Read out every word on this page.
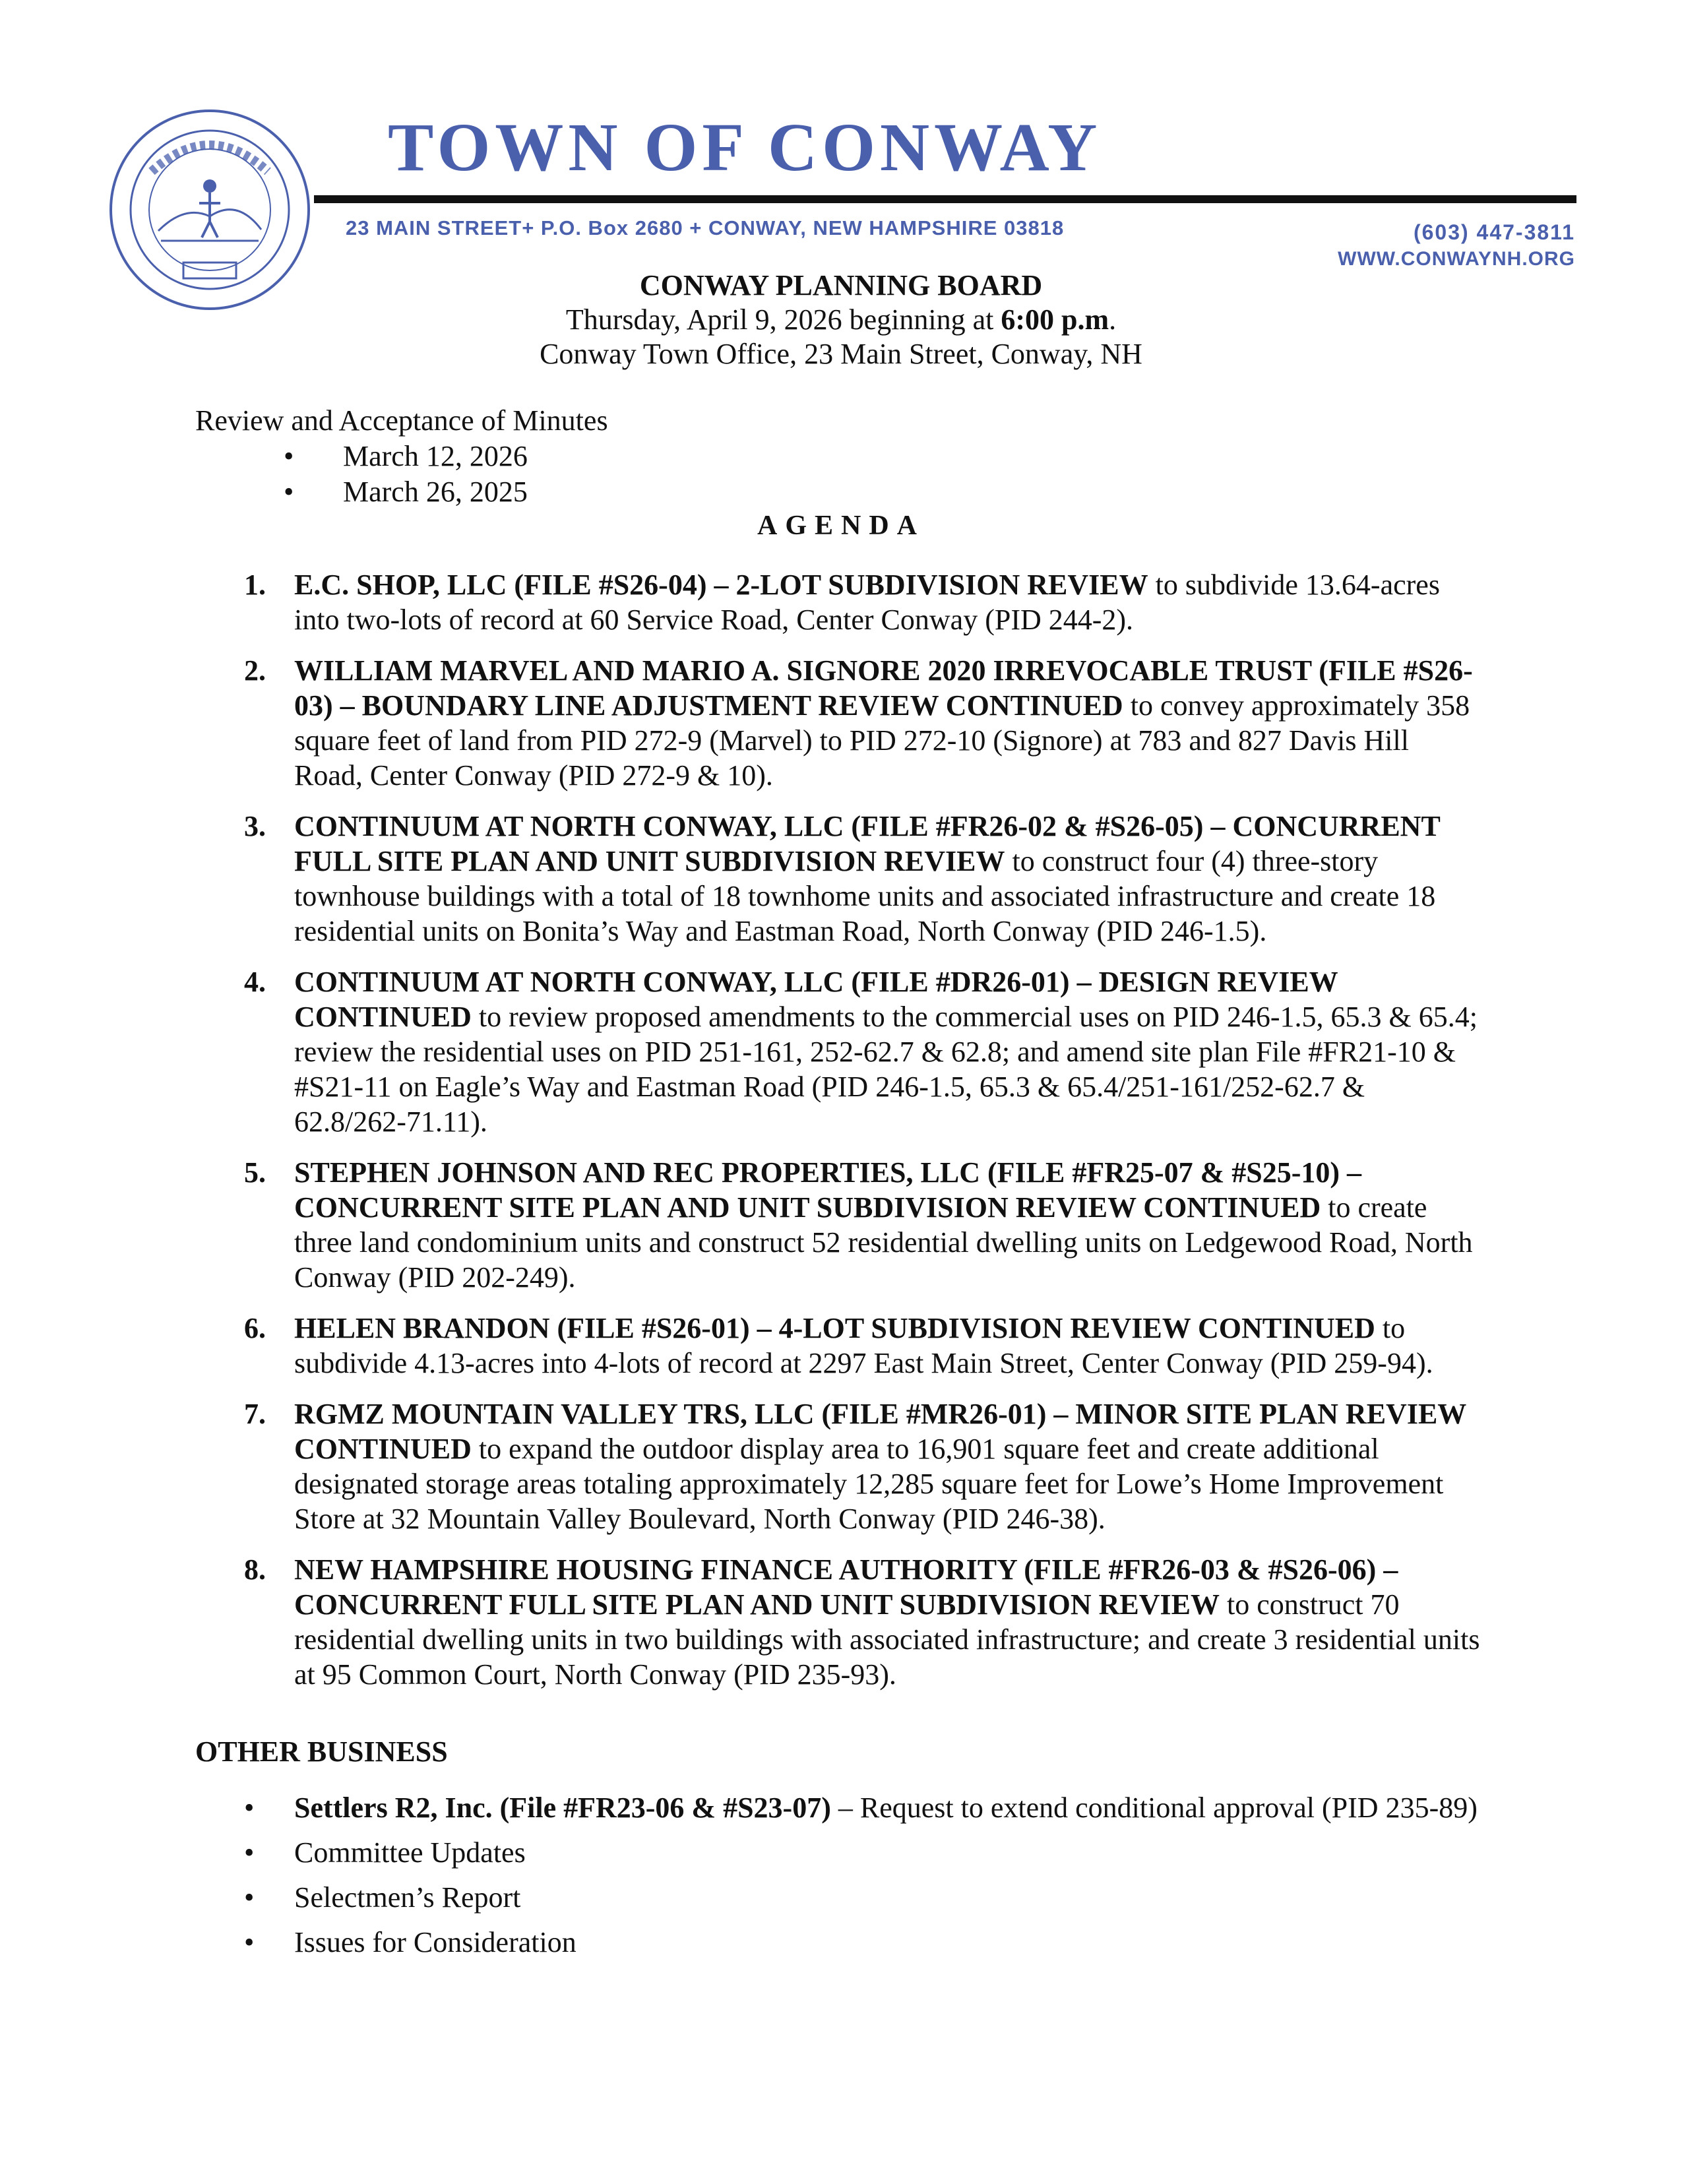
TOWN OF CONWAY
23 MAIN STREET+ P.O. Box 2680 + CONWAY, NEW HAMPSHIRE 03818	(603) 447-3811
WWW.CONWAYNH.ORG
CONWAY PLANNING BOARD
Thursday, April 9, 2026 beginning at 6:00 p.m.
Conway Town Office, 23 Main Street, Conway, NH
Review and Acceptance of Minutes
• March 12, 2026
• March 26, 2025
AGENDA
1. E.C. SHOP, LLC (FILE #S26-04) – 2-LOT SUBDIVISION REVIEW to subdivide 13.64-acres into two-lots of record at 60 Service Road, Center Conway (PID 244-2).
2. WILLIAM MARVEL AND MARIO A. SIGNORE 2020 IRREVOCABLE TRUST (FILE #S26-03) – BOUNDARY LINE ADJUSTMENT REVIEW CONTINUED to convey approximately 358 square feet of land from PID 272-9 (Marvel) to PID 272-10 (Signore) at 783 and 827 Davis Hill Road, Center Conway (PID 272-9 & 10).
3. CONTINUUM AT NORTH CONWAY, LLC (FILE #FR26-02 & #S26-05) – CONCURRENT FULL SITE PLAN AND UNIT SUBDIVISION REVIEW to construct four (4) three-story townhouse buildings with a total of 18 townhome units and associated infrastructure and create 18 residential units on Bonita’s Way and Eastman Road, North Conway (PID 246-1.5).
4. CONTINUUM AT NORTH CONWAY, LLC (FILE #DR26-01) – DESIGN REVIEW CONTINUED to review proposed amendments to the commercial uses on PID 246-1.5, 65.3 & 65.4; review the residential uses on PID 251-161, 252-62.7 & 62.8; and amend site plan File #FR21-10 & #S21-11 on Eagle’s Way and Eastman Road (PID 246-1.5, 65.3 & 65.4/251-161/252-62.7 & 62.8/262-71.11).
5. STEPHEN JOHNSON AND REC PROPERTIES, LLC (FILE #FR25-07 & #S25-10) – CONCURRENT SITE PLAN AND UNIT SUBDIVISION REVIEW CONTINUED to create three land condominium units and construct 52 residential dwelling units on Ledgewood Road, North Conway (PID 202-249).
6. HELEN BRANDON (FILE #S26-01) – 4-LOT SUBDIVISION REVIEW CONTINUED to subdivide 4.13-acres into 4-lots of record at 2297 East Main Street, Center Conway (PID 259-94).
7. RGMZ MOUNTAIN VALLEY TRS, LLC (FILE #MR26-01) – MINOR SITE PLAN REVIEW CONTINUED to expand the outdoor display area to 16,901 square feet and create additional designated storage areas totaling approximately 12,285 square feet for Lowe’s Home Improvement Store at 32 Mountain Valley Boulevard, North Conway (PID 246-38).
8. NEW HAMPSHIRE HOUSING FINANCE AUTHORITY (FILE #FR26-03 & #S26-06) – CONCURRENT FULL SITE PLAN AND UNIT SUBDIVISION REVIEW to construct 70 residential dwelling units in two buildings with associated infrastructure; and create 3 residential units at 95 Common Court, North Conway (PID 235-93).
OTHER BUSINESS
• Settlers R2, Inc. (File #FR23-06 & #S23-07) – Request to extend conditional approval (PID 235-89)
• Committee Updates
• Selectmen’s Report
• Issues for Consideration
